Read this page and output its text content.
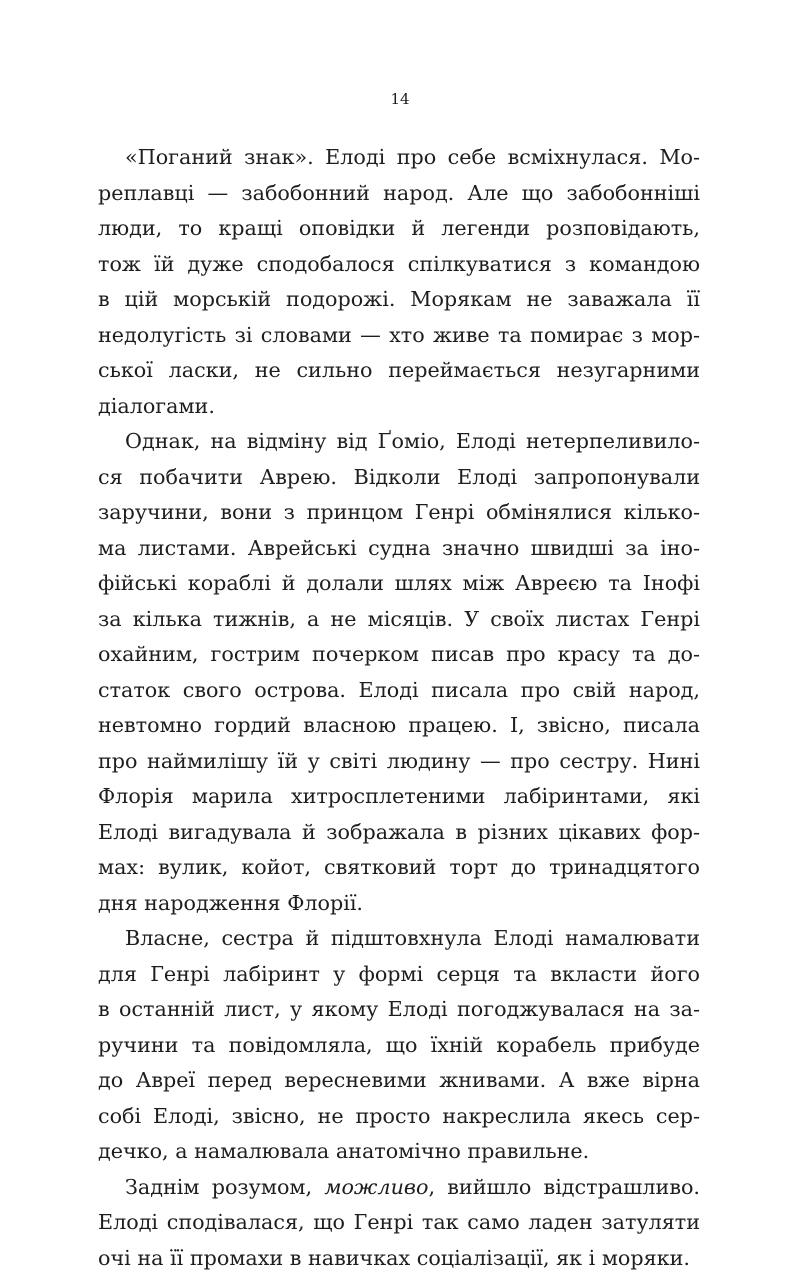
14
«Поганий знак». Елоді про себе всміхнулася. Мо-
реплавці — забобонний народ. Але що забобонніші
люди, то кращі оповідки й легенди розповідають,
тож їй дуже сподобалося спілкуватися з командою
в цій морській подорожі. Морякам не заважала її
недолугість зі словами — хто живе та помирає з мор-
ської ласки, не сильно переймається незугарними
діалогами.
Однак, на відміну від Ґоміо, Елоді нетерпеливило-
ся побачити Аврею. Відколи Елоді запропонували
заручини, вони з принцом Генрі обмінялися кілько-
ма листами. Аврейські судна значно швидші за іно-
фійські кораблі й долали шлях між Авреєю та Інофі
за кілька тижнів, а не місяців. У своїх листах Генрі
охайним, гострим почерком писав про красу та до-
статок свого острова. Елоді писала про свій народ,
невтомно гордий власною працею. І, звісно, писала
про наймилішу їй у світі людину — про сестру. Нині
Флорія марила хитросплетеними лабіринтами, які
Елоді вигадувала й зображала в різних цікавих фор-
мах: вулик, койот, святковий торт до тринадцятого
дня народження Флорії.
Власне, сестра й підштовхнула Елоді намалювати
для Генрі лабіринт у формі серця та вкласти його
в останній лист, у якому Елоді погоджувалася на за-
ручини та повідомляла, що їхній корабель прибуде
до Авреї перед вересневими жнивами. А вже вірна
собі Елоді, звісно, не просто накреслила якесь сер-
дечко, а намалювала анатомічно правильне.
Заднім розумом, можливо, вийшло відстрашливо.
Елоді сподівалася, що Генрі так само ладен затуляти
очі на її промахи в навичках соціалізації, як і моряки.
